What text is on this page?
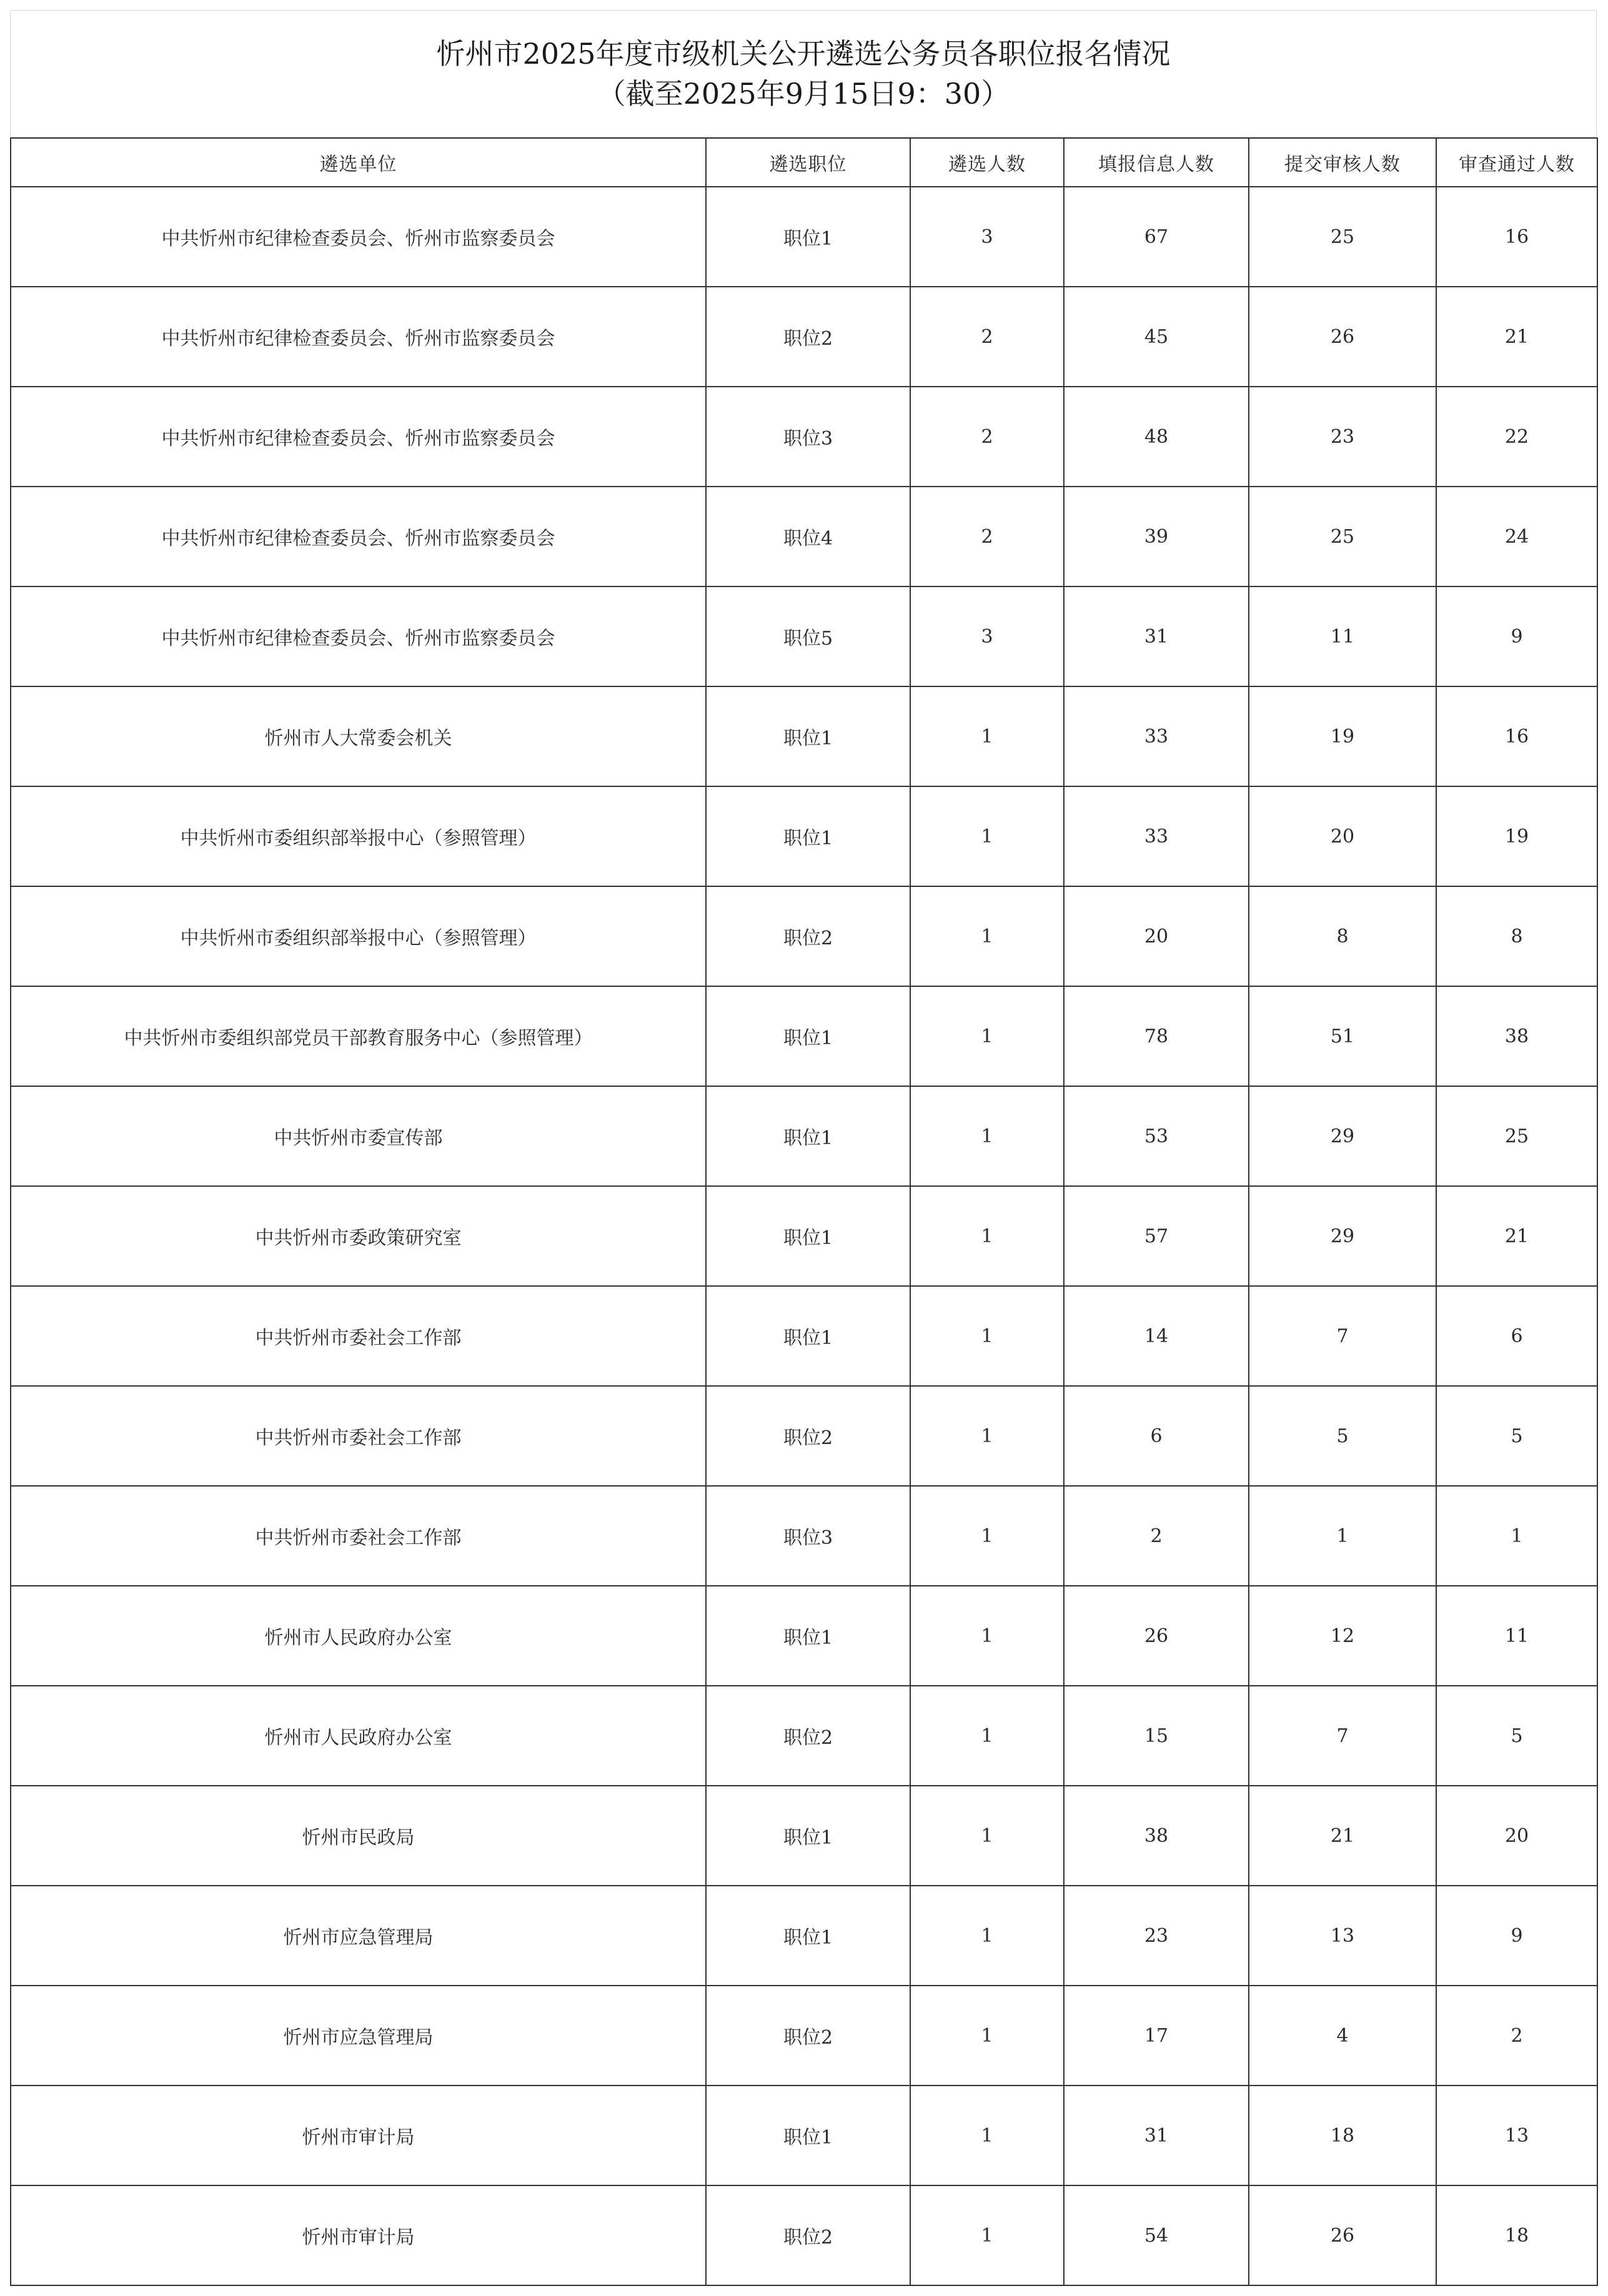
忻州市2025年度市级机关公开遴选公务员各职位报名情况
（截至2025年9月15日9：30）
遴选单位	遴选职位	遴选人数	填报信息人数	提交审核人数	审查通过人数
中共忻州市纪律检查委员会、忻州市监察委员会	职位1	3	67	25	16
中共忻州市纪律检查委员会、忻州市监察委员会	职位2	2	45	26	21
中共忻州市纪律检查委员会、忻州市监察委员会	职位3	2	48	23	22
中共忻州市纪律检查委员会、忻州市监察委员会	职位4	2	39	25	24
中共忻州市纪律检查委员会、忻州市监察委员会	职位5	3	31	11	9
忻州市人大常委会机关	职位1	1	33	19	16
中共忻州市委组织部举报中心（参照管理）	职位1	1	33	20	19
中共忻州市委组织部举报中心（参照管理）	职位2	1	20	8	8
中共忻州市委组织部党员干部教育服务中心（参照管理）	职位1	1	78	51	38
中共忻州市委宣传部	职位1	1	53	29	25
中共忻州市委政策研究室	职位1	1	57	29	21
中共忻州市委社会工作部	职位1	1	14	7	6
中共忻州市委社会工作部	职位2	1	6	5	5
中共忻州市委社会工作部	职位3	1	2	1	1
忻州市人民政府办公室	职位1	1	26	12	11
忻州市人民政府办公室	职位2	1	15	7	5
忻州市民政局	职位1	1	38	21	20
忻州市应急管理局	职位1	1	23	13	9
忻州市应急管理局	职位2	1	17	4	2
忻州市审计局	职位1	1	31	18	13
忻州市审计局	职位2	1	54	26	18
